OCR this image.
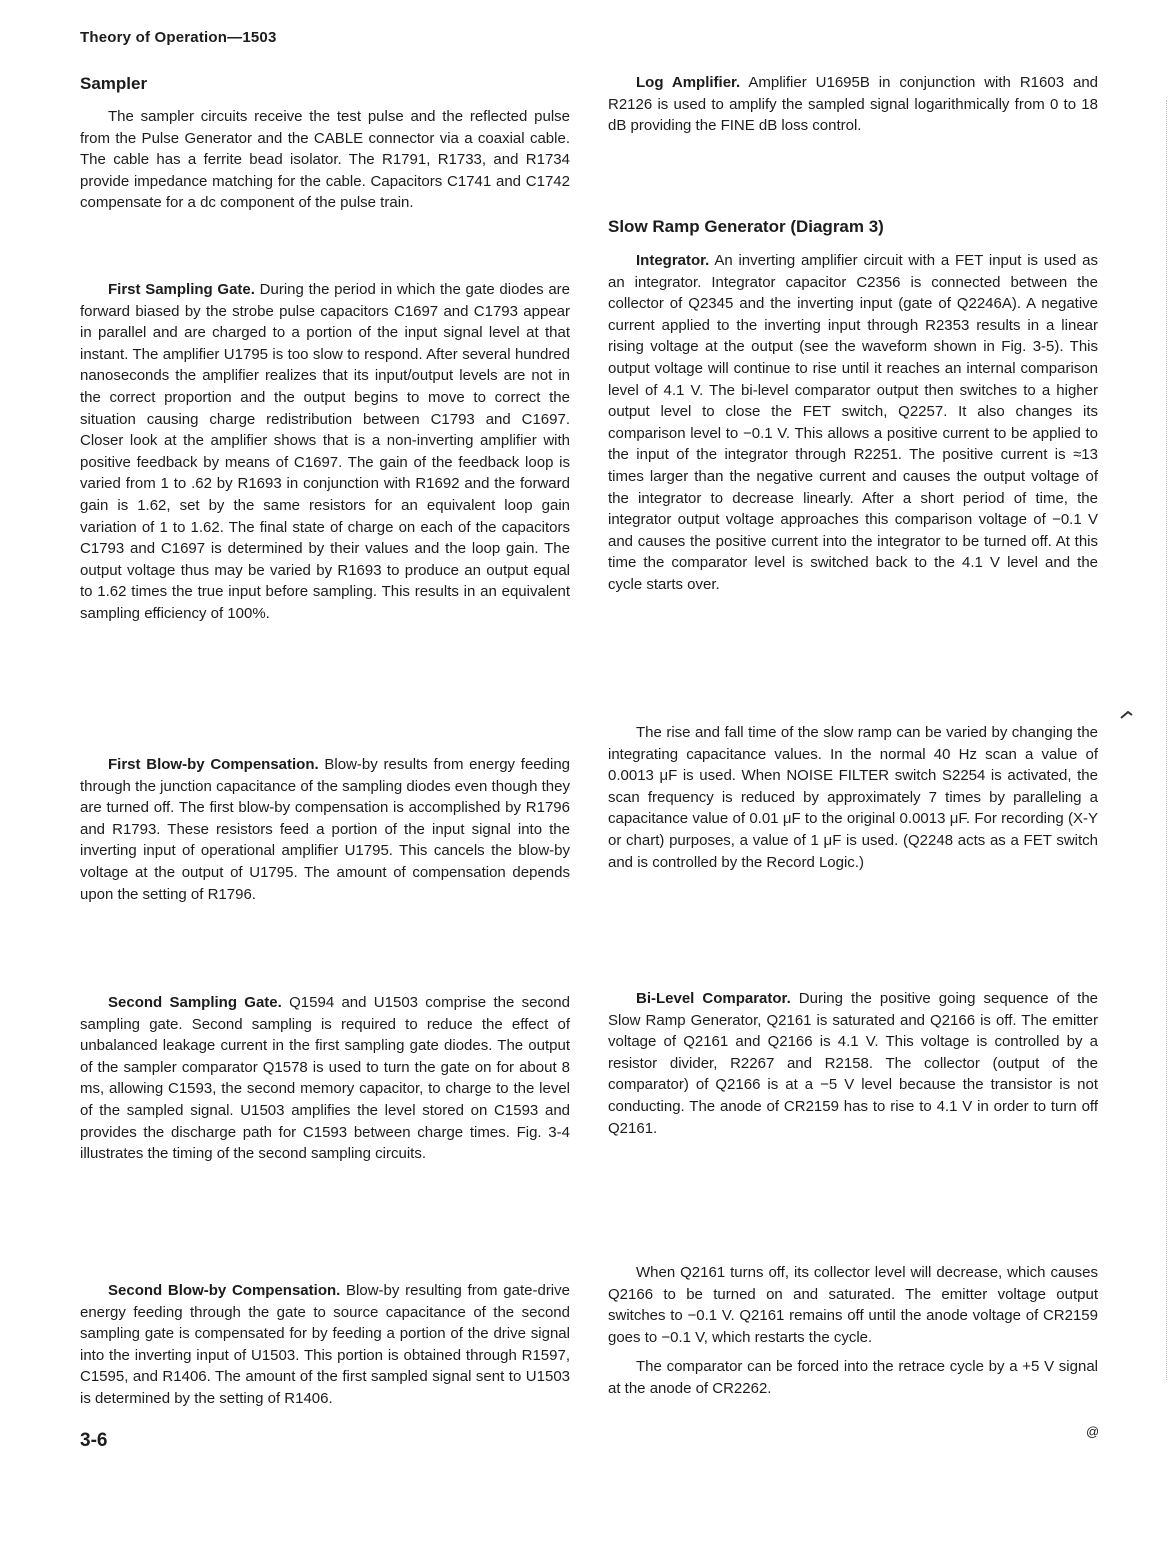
Theory of Operation—1503
Sampler

The sampler circuits receive the test pulse and the reflected pulse from the Pulse Generator and the CABLE connector via a coaxial cable. The cable has a ferrite bead isolator. The R1791, R1733, and R1734 provide impedance matching for the cable. Capacitors C1741 and C1742 compensate for a dc component of the pulse train.

First Sampling Gate. During the period in which the gate diodes are forward biased by the strobe pulse capacitors C1697 and C1793 appear in parallel and are charged to a portion of the input signal level at that instant. The amplifier U1795 is too slow to respond. After several hundred nanoseconds the amplifier realizes that its input/output levels are not in the correct proportion and the output begins to move to correct the situation causing charge redistribution between C1793 and C1697. Closer look at the amplifier shows that is a non-inverting amplifier with positive feedback by means of C1697. The gain of the feedback loop is varied from 1 to .62 by R1693 in conjunction with R1692 and the forward gain is 1.62, set by the same resistors for an equivalent loop gain variation of 1 to 1.62. The final state of charge on each of the capacitors C1793 and C1697 is determined by their values and the loop gain. The output voltage thus may be varied by R1693 to produce an output equal to 1.62 times the true input before sampling. This results in an equivalent sampling efficiency of 100%.

First Blow-by Compensation. Blow-by results from energy feeding through the junction capacitance of the sampling diodes even though they are turned off. The first blow-by compensation is accomplished by R1796 and R1793. These resistors feed a portion of the input signal into the inverting input of operational amplifier U1795. This cancels the blow-by voltage at the output of U1795. The amount of compensation depends upon the setting of R1796.

Second Sampling Gate. Q1594 and U1503 comprise the second sampling gate. Second sampling is required to reduce the effect of unbalanced leakage current in the first sampling gate diodes. The output of the sampler comparator Q1578 is used to turn the gate on for about 8 ms, allowing C1593, the second memory capacitor, to charge to the level of the sampled signal. U1503 amplifies the level stored on C1593 and provides the discharge path for C1593 between charge times. Fig. 3-4 illustrates the timing of the second sampling circuits.

Second Blow-by Compensation. Blow-by resulting from gate-drive energy feeding through the gate to source capacitance of the second sampling gate is compensated for by feeding a portion of the drive signal into the inverting input of U1503. This portion is obtained through R1597, C1595, and R1406. The amount of the first sampled signal sent to U1503 is determined by the setting of R1406.

Log Amplifier. Amplifier U1695B in conjunction with R1603 and R2126 is used to amplify the sampled signal logarithmically from 0 to 18 dB providing the FINE dB loss control.

Slow Ramp Generator (Diagram 3)

Integrator. An inverting amplifier circuit with a FET input is used as an integrator. Integrator capacitor C2356 is connected between the collector of Q2345 and the inverting input (gate of Q2246A). A negative current applied to the inverting input through R2353 results in a linear rising voltage at the output (see the waveform shown in Fig. 3-5). This output voltage will continue to rise until it reaches an internal comparison level of 4.1 V. The bi-level comparator output then switches to a higher output level to close the FET switch, Q2257. It also changes its comparison level to −0.1 V. This allows a positive current to be applied to the input of the integrator through R2251. The positive current is ≈13 times larger than the negative current and causes the output voltage of the integrator to decrease linearly. After a short period of time, the integrator output voltage approaches this comparison voltage of −0.1 V and causes the positive current into the integrator to be turned off. At this time the comparator level is switched back to the 4.1 V level and the cycle starts over.

The rise and fall time of the slow ramp can be varied by changing the integrating capacitance values. In the normal 40 Hz scan a value of 0.0013 μF is used. When NOISE FILTER switch S2254 is activated, the scan frequency is reduced by approximately 7 times by paralleling a capacitance value of 0.01 μF to the original 0.0013 μF. For recording (X-Y or chart) purposes, a value of 1 μF is used. (Q2248 acts as a FET switch and is controlled by the Record Logic.)

Bi-Level Comparator. During the positive going sequence of the Slow Ramp Generator, Q2161 is saturated and Q2166 is off. The emitter voltage of Q2161 and Q2166 is 4.1 V. This voltage is controlled by a resistor divider, R2267 and R2158. The collector (output of the comparator) of Q2166 is at a −5 V level because the transistor is not conducting. The anode of CR2159 has to rise to 4.1 V in order to turn off Q2161.

When Q2161 turns off, its collector level will decrease, which causes Q2166 to be turned on and saturated. The emitter voltage output switches to −0.1 V. Q2161 remains off until the anode voltage of CR2159 goes to −0.1 V, which restarts the cycle.

The comparator can be forced into the retrace cycle by a +5 V signal at the anode of CR2262.

3-6	@
